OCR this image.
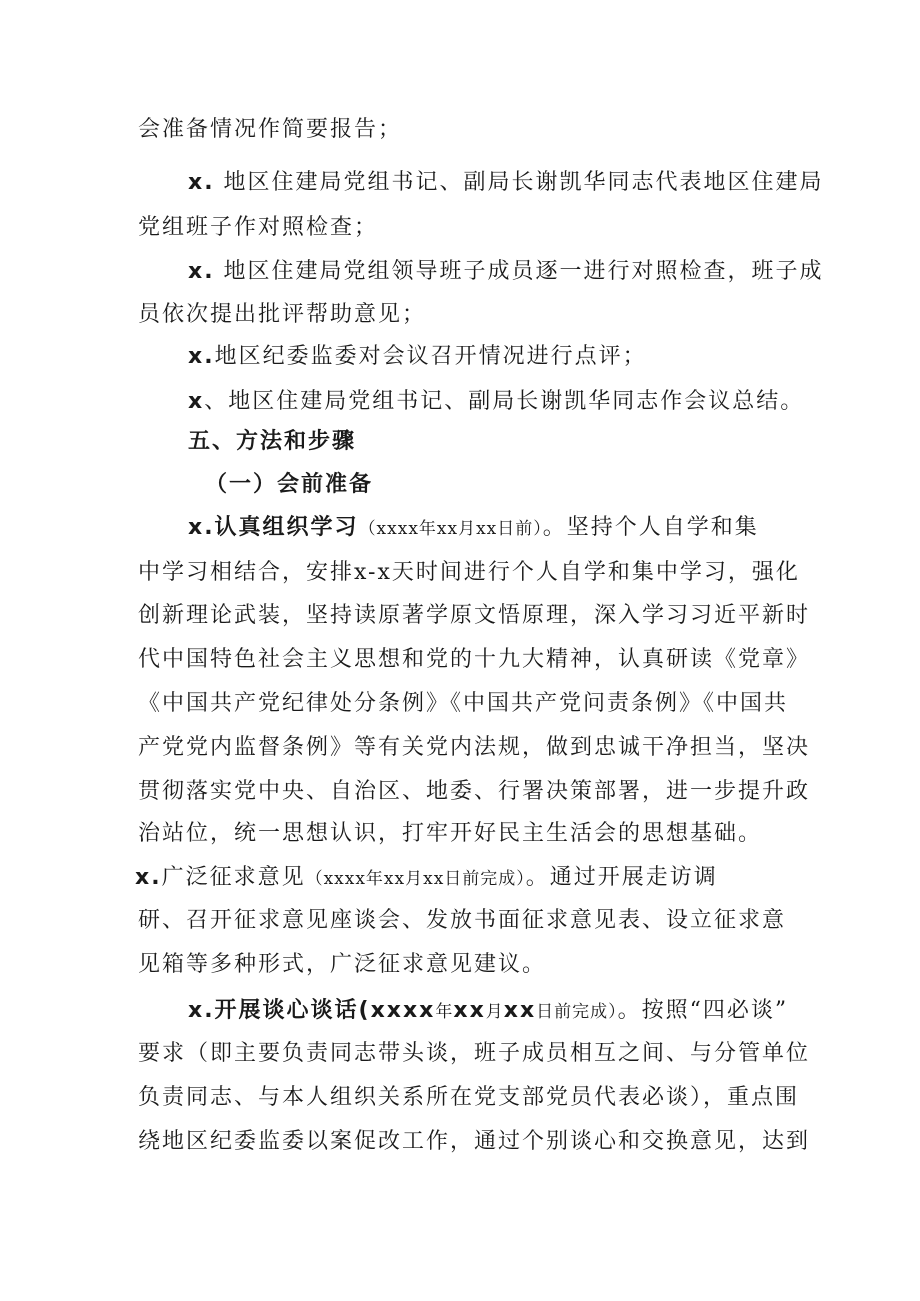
会准备情况作简要报告；
x. 地区住建局党组书记、副局长谢凯华同志代表地区住建局
党组班子作对照检查；
x. 地区住建局党组领导班子成员逐一进行对照检查，班子成
员依次提出批评帮助意见；
x.地区纪委监委对会议召开情况进行点评；
x、地区住建局党组书记、副局长谢凯华同志作会议总结。
五、方法和步骤
（一）会前准备
x.认真组织学习（xxxx年xx月xx日前）。坚持个人自学和集
中学习相结合，安排x-x天时间进行个人自学和集中学习，强化
创新理论武装，坚持读原著学原文悟原理，深入学习习近平新时
代中国特色社会主义思想和党的十九大精神，认真研读《党章》
《中国共产党纪律处分条例》《中国共产党问责条例》《中国共
产党党内监督条例》等有关党内法规，做到忠诚干净担当，坚决
贯彻落实党中央、自治区、地委、行署决策部署，进一步提升政
治站位，统一思想认识，打牢开好民主生活会的思想基础。
x.广泛征求意见（xxxx年xx月xx日前完成）。通过开展走访调
研、召开征求意见座谈会、发放书面征求意见表、设立征求意
见箱等多种形式，广泛征求意见建议。
x.开展谈心谈话(xxxx年xx月xx日前完成）。按照“四必谈”
要求（即主要负责同志带头谈，班子成员相互之间、与分管单位
负责同志、与本人组织关系所在党支部党员代表必谈），重点围
绕地区纪委监委以案促改工作，通过个别谈心和交换意见，达到
